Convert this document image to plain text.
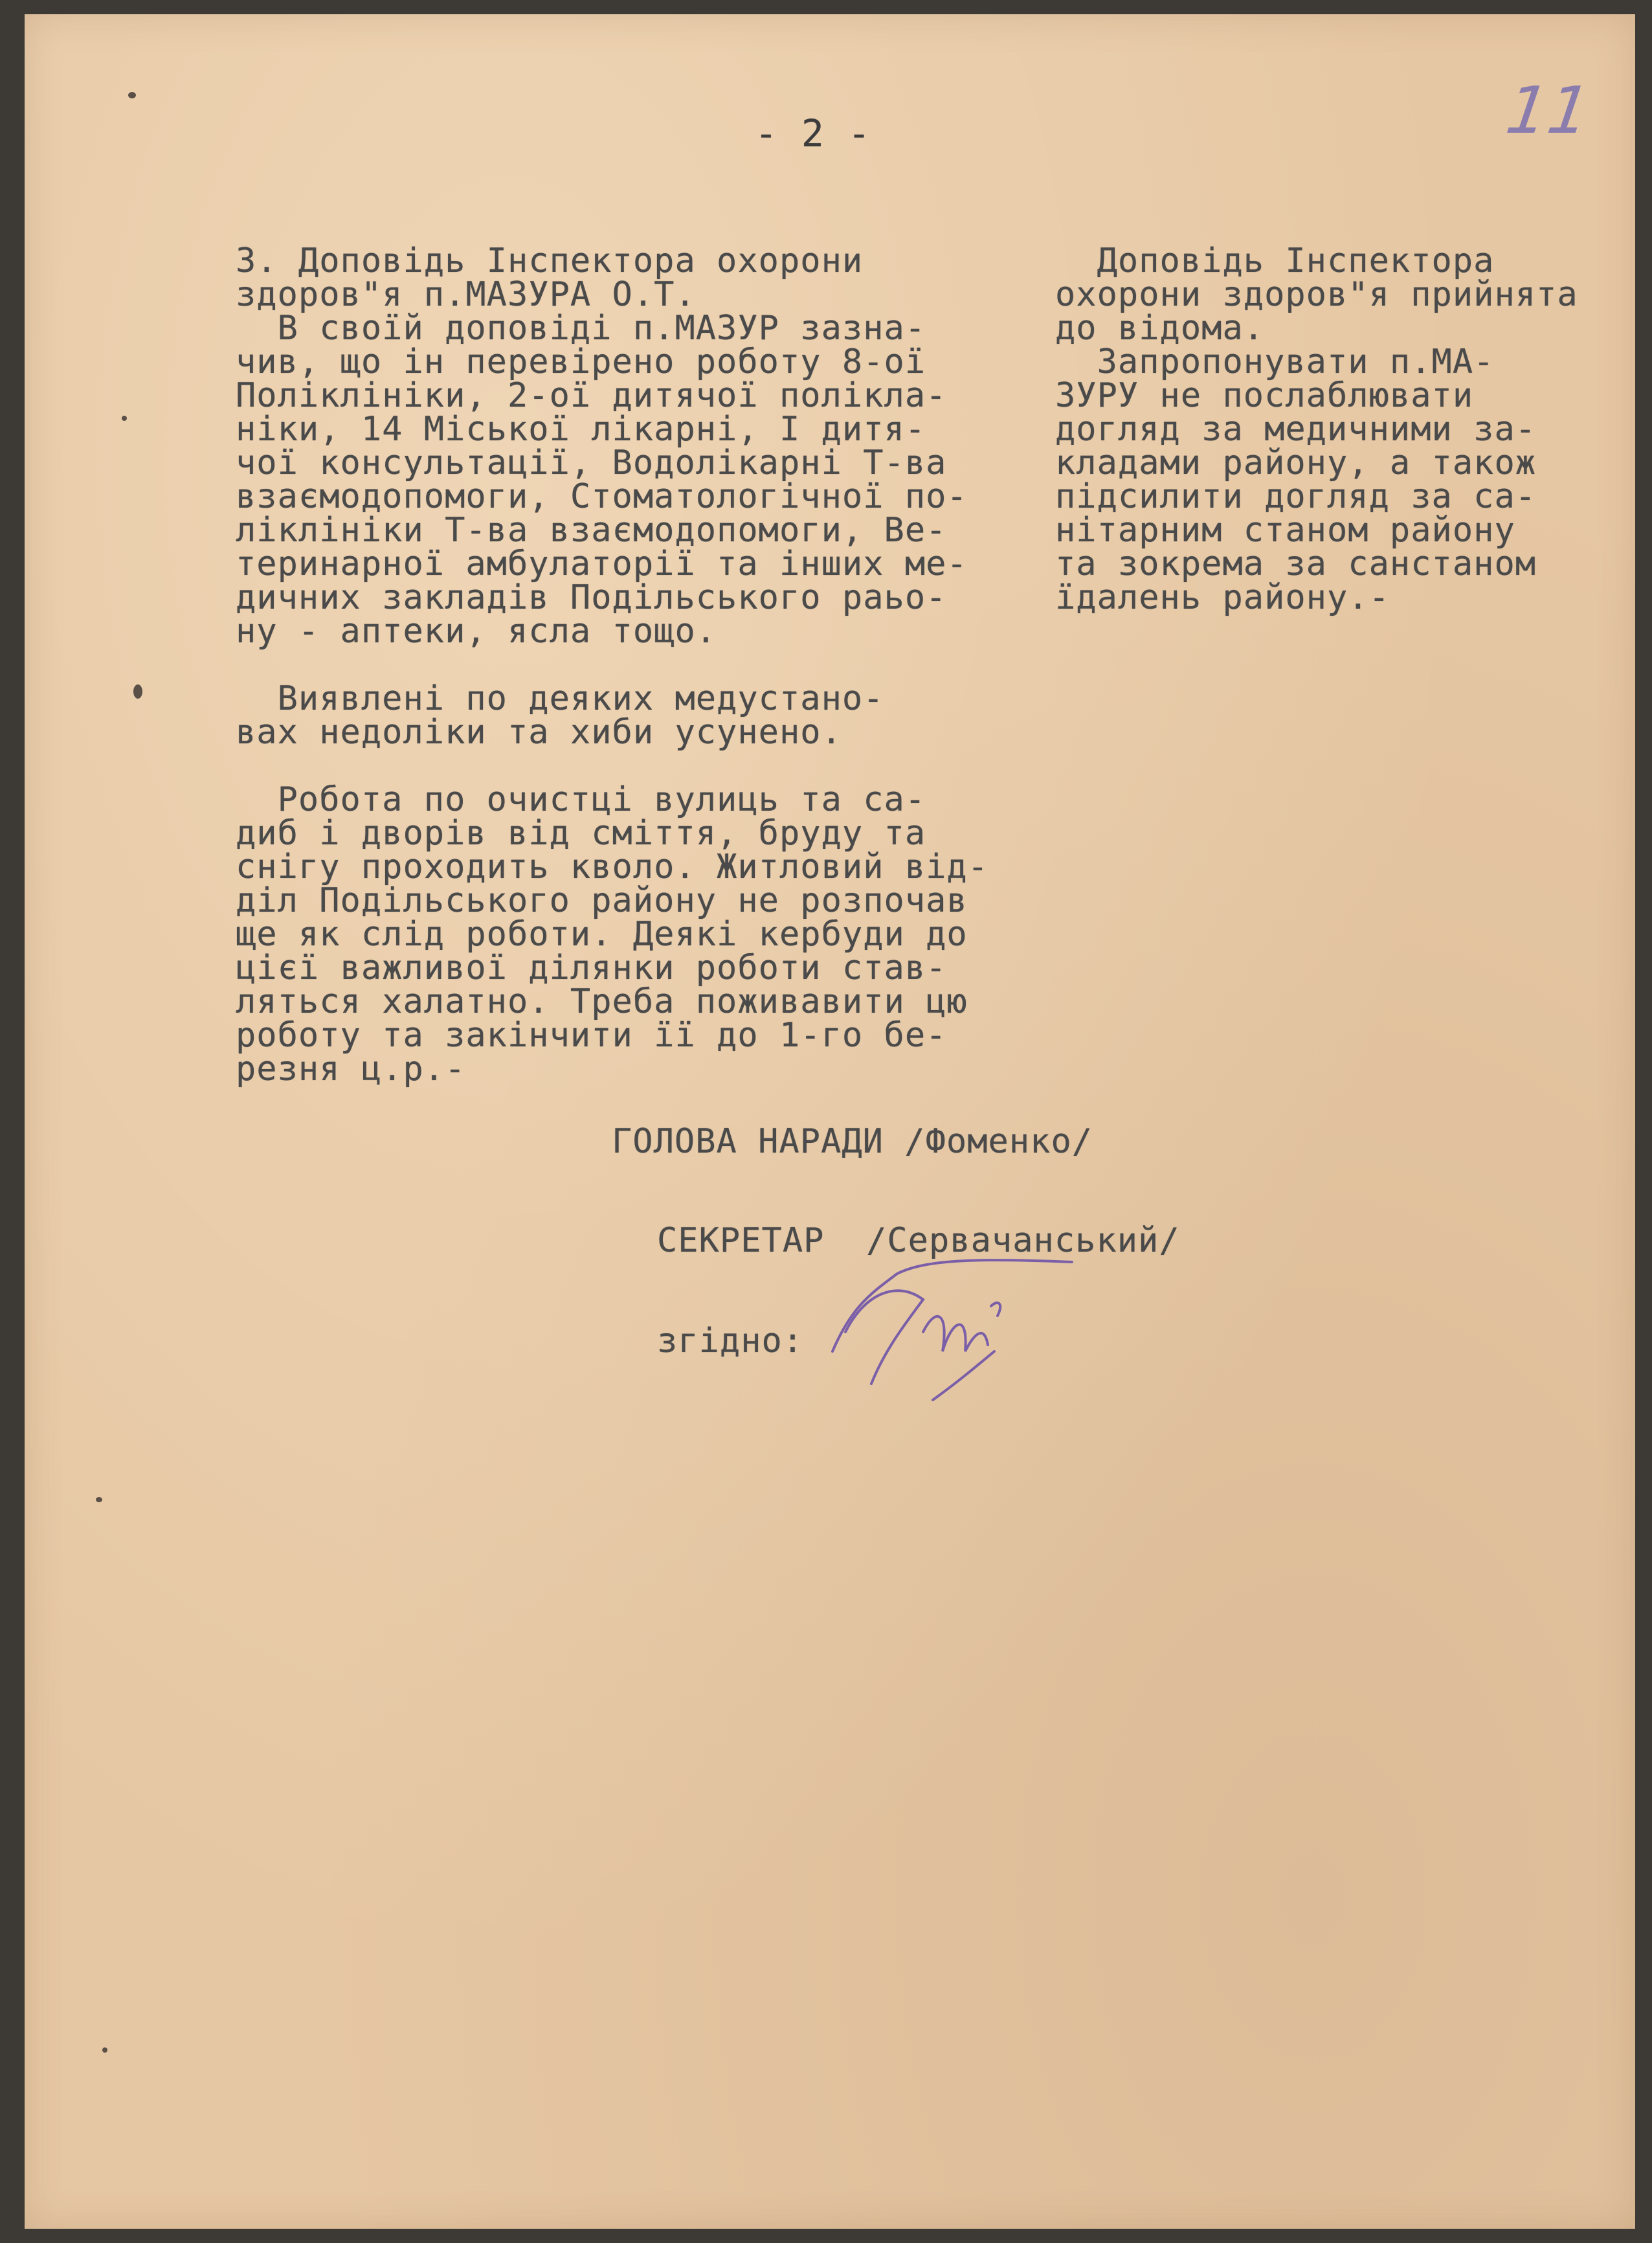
- 2 -	11
3. Доповідь Інспектора охорони
здоров"я п.МАЗУРА О.Т.
В своїй доповіді п.МАЗУР зазна-
чив, що ін перевірено роботу 8-ої
Поліклініки, 2-ої дитячої полікла-
ніки, 14 Міської лікарні, І дитя-
чої консультації, Водолікарні Т-ва
взаємодопомоги, Стоматологічної по-
ліклініки Т-ва взаємодопомоги, Ве-
теринарної амбулаторії та інших ме-
дичних закладів Подільського раьо-
ну - аптеки, ясла тощо.
Виявлені по деяких медустано-
вах недоліки та хиби усунено.
Робота по очистці вулиць та са-
диб і дворів від сміття, бруду та
снігу проходить кволо. Житловий від-
діл Подільського району не розпочав
ще як слід роботи. Деякі кербуди до
цієї важливої ділянки роботи став-
ляться халатно. Треба поживавити цю
роботу та закінчити її до 1-го бе-
резня ц.р.-
Доповідь Інспектора
охорони здоров"я прийнята
до відома.
Запропонувати п.МА-
ЗУРУ не послаблювати
догляд за медичними за-
кладами району, а також
підсилити догляд за са-
нітарним станом району
та зокрема за санстаном
їдалень району.-
ГОЛОВА НАРАДИ /Фоменко/
СЕКРЕТАР  /Сервачанський/
згідно:
